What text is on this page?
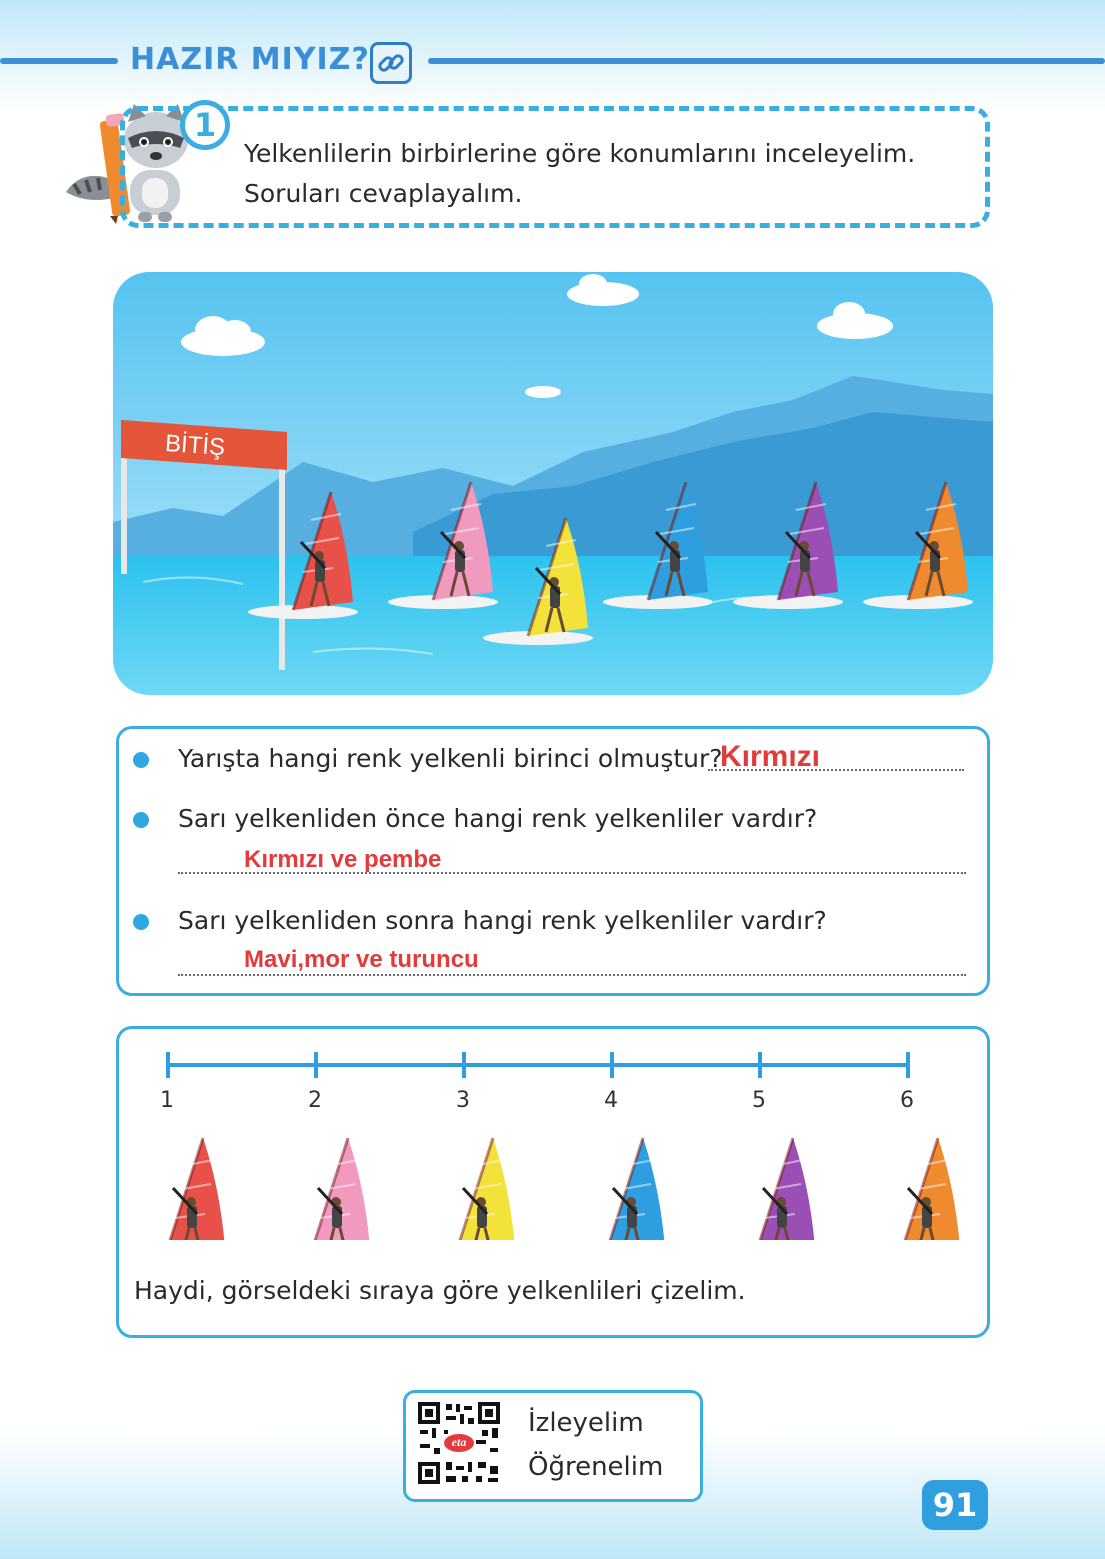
HAZIR MIYIZ?
1
Yelkenlilerin birbirlerine göre konumlarını inceleyelim.
Soruları cevaplayalım.
BİTİŞ
Yarışta hangi renk yelkenli birinci olmuştur?
Kırmızı
Sarı yelkenliden önce hangi renk yelkenliler vardır?
Kırmızı ve pembe
Sarı yelkenliden sonra hangi renk yelkenliler vardır?
Mavi,mor ve turuncu
1	2	3	4	5	6
Haydi, görseldeki sıraya göre yelkenlileri çizelim.
eta
İzleyelim
Öğrenelim
91
